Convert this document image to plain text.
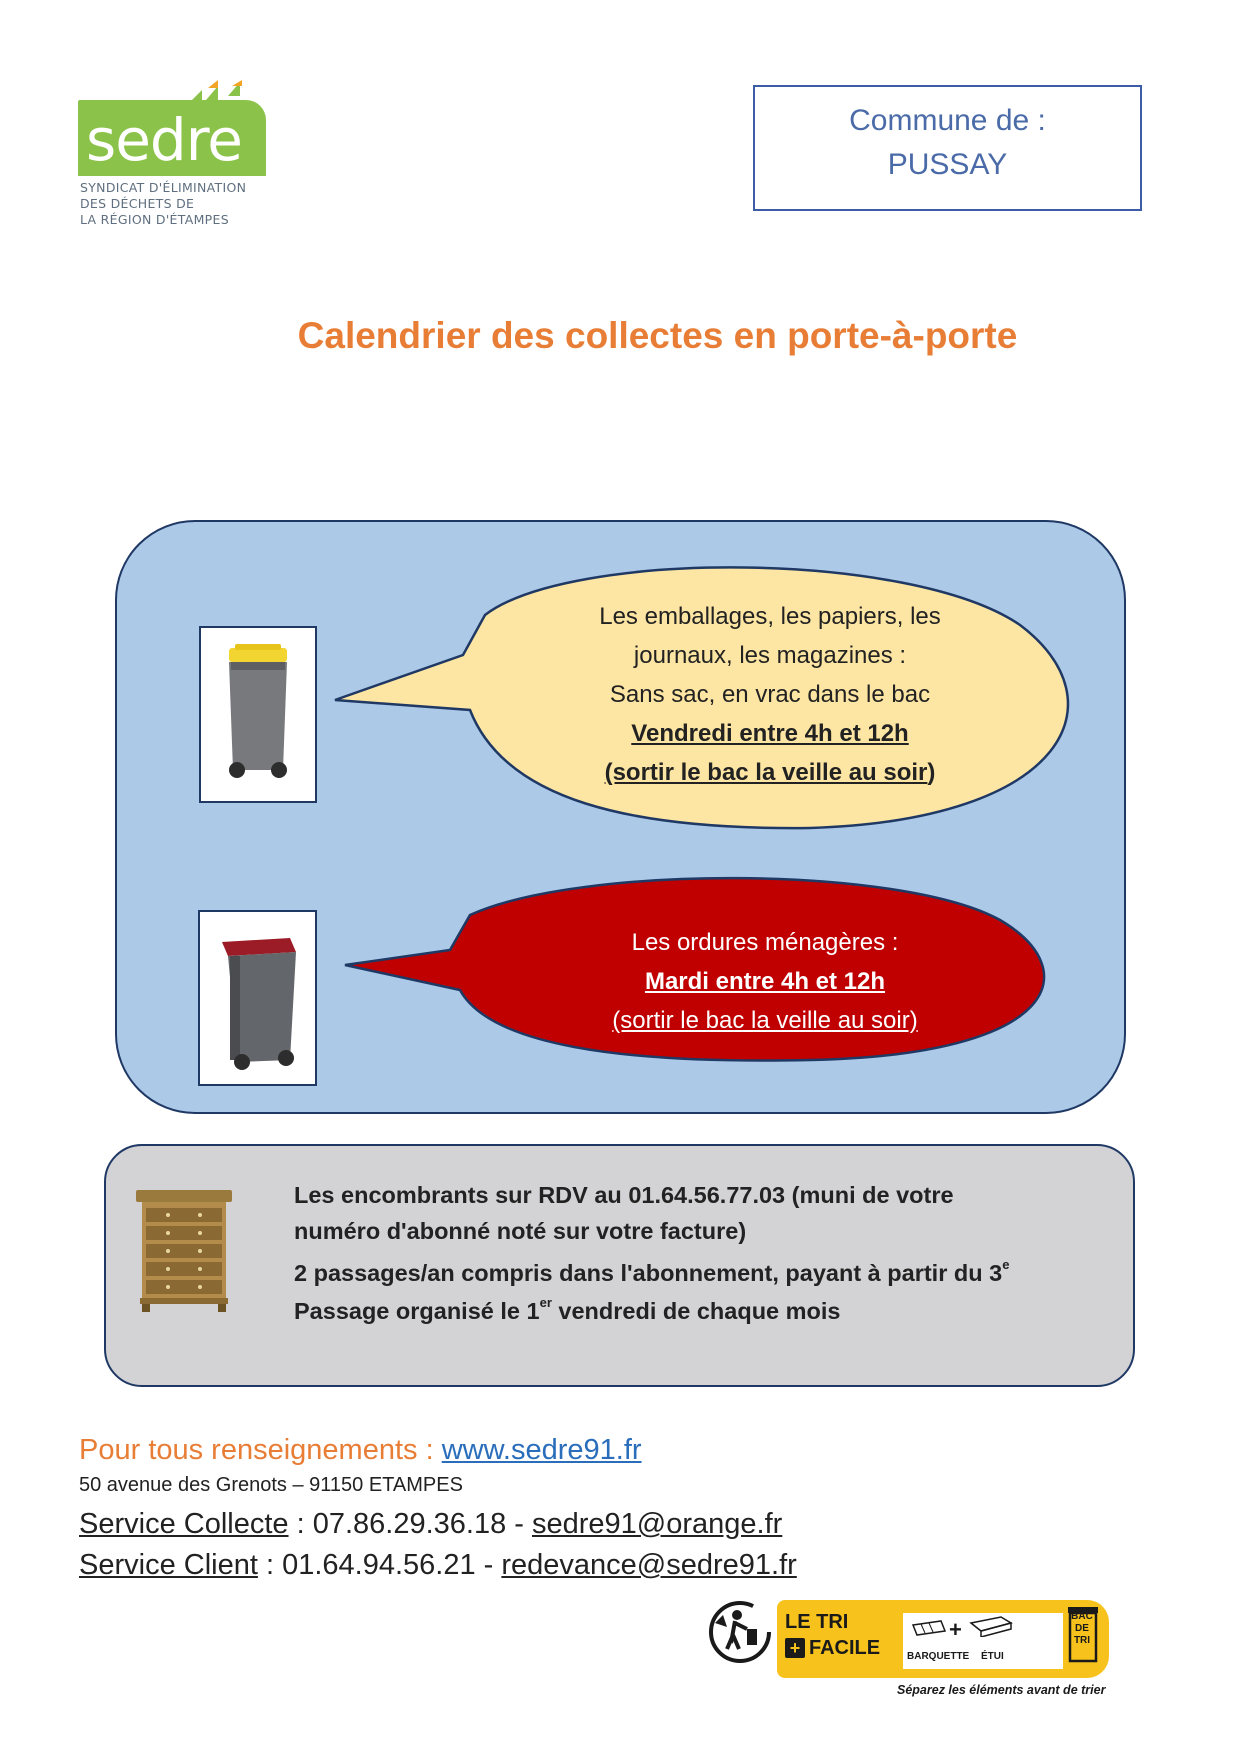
sedre
SYNDICAT D'ÉLIMINATION
DES DÉCHETS DE
LA RÉGION D'ÉTAMPES
Commune de :
PUSSAY
Calendrier des collectes en porte-à-porte
Les emballages, les papiers, les
journaux, les magazines :
Sans sac, en vrac dans le bac
Vendredi entre 4h et 12h
(sortir le bac la veille au soir)
Les ordures ménagères :
Mardi entre 4h et 12h
(sortir le bac la veille au soir)
Les encombrants sur RDV au 01.64.56.77.03 (muni de votre
numéro d'abonné noté sur votre facture)
2 passages/an compris dans l'abonnement, payant à partir du 3e
Passage organisé le 1er vendredi de chaque mois
Pour tous renseignements : www.sedre91.fr
50 avenue des Grenots – 91150 ETAMPES
Service Collecte : 07.86.29.36.18 - sedre91@orange.fr
Service Client : 01.64.94.56.21 - redevance@sedre91.fr
LE TRI
+ FACILE
+
BARQUETTE ÉTUI
BAC
DE
TRI
Séparez les éléments avant de trier
